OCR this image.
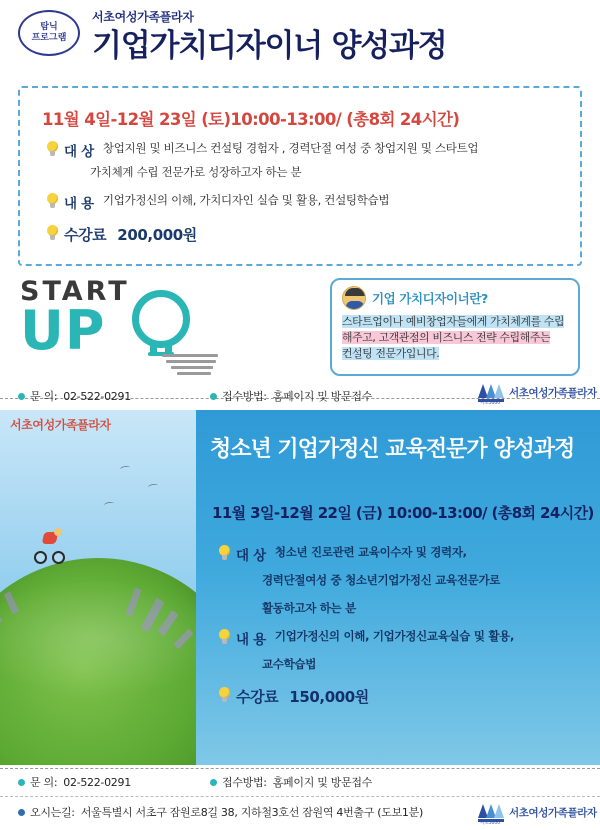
탐닉
프로그램
서초여성가족플라자
기업가치디자이너 양성과정
11월 4일-12월 23일 (토)10:00-13:00/ (총8회 24시간)
대 상 창업지원 및 비즈니스 컨설팅 경험자 , 경력단절 여성 중 창업지원 및 스타트업
가치체계 수립 전문가로 성장하고자 하는 분
내 용 기업가정신의 이해, 가치디자인 실습 및 활용, 컨설팅학습법
수강료 200,000원
START
UP
기업 가치디자이너란?
스타트업이나 예비창업자들에게 가치체계를 수립
해주고, 고객관점의 비즈니스 전략 수립해주는
컨설팅 전문가입니다.
문 의: 02-522-0291	접수방법: 홈페이지 및 방문접수
서초5000
서초여성가족플라자
서초여성가족플라자
청소년 기업가정신 교육전문가 양성과정
11월 3일-12월 22일 (금) 10:00-13:00/ (총8회 24시간)
대 상 청소년 진로관련 교육이수자 및 경력자,
경력단절여성 중 청소년기업가정신 교육전문가로
활동하고자 하는 분
내 용 기업가정신의 이해, 기업가정신교육실습 및 활용,
교수학습법
수강료 150,000원
문 의: 02-522-0291	접수방법: 홈페이지 및 방문접수
오시는길: 서울특별시 서초구 잠원로8길 38, 지하철3호선 잠원역 4번출구 (도보1분)
서초5000
서초여성가족플라자
